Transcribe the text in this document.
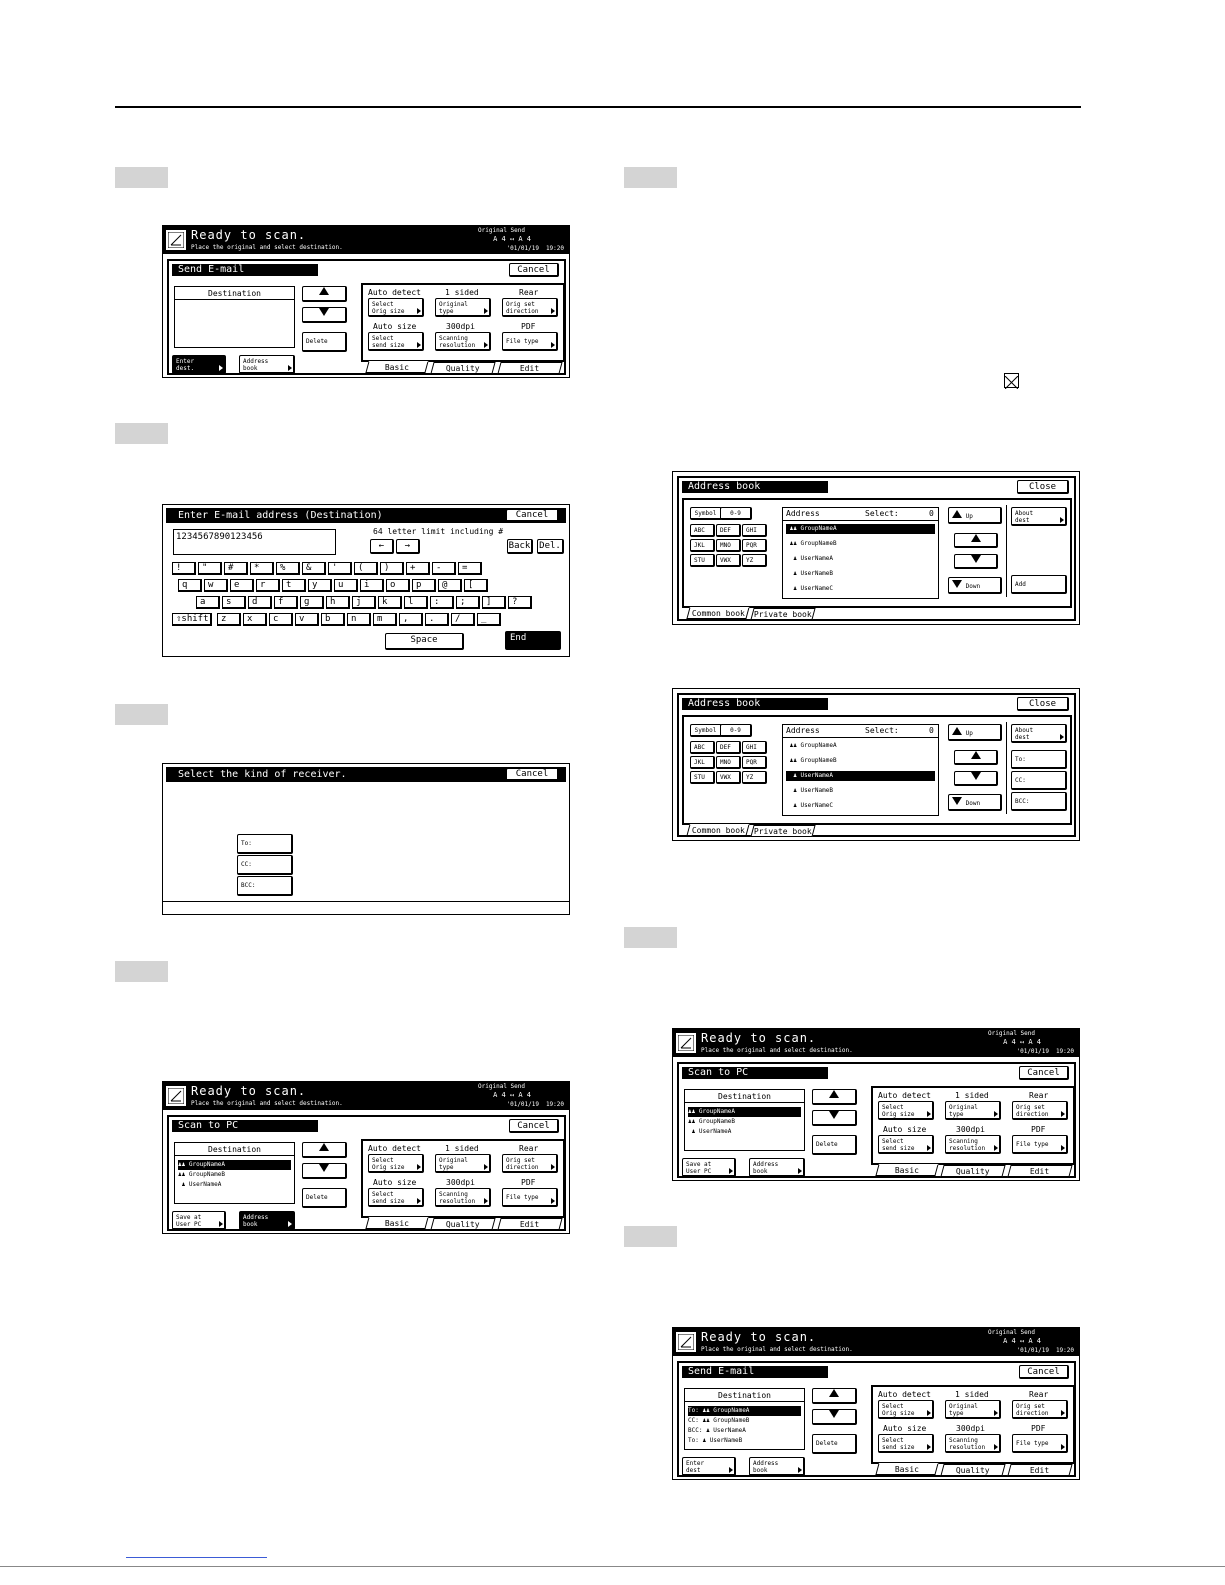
Ready to scan.
Place the original and select destination.
Original Send
A 4 ↤ A 4
'01/01/19 19:20
Send E-mail	Cancel
Destination
Delete
Enter dest.
Address book
Auto detect	1 sided	Rear
Select Orig size
Original type
Orig set direction
Auto size	300dpi	PDF
Select send size
Scanning resolution
File type
Basic	Quality	Edit
Enter E-mail address (Destination)	Cancel
1234567890123456
64 letter limit including #
←	→	Back Del.
!	"	#	*	%	&	'	(	)	+	-	=
q	w	e	r	t	y	u	i	o	p	@	[
a	s	d	f	g	h	j	k	l	:	;	]	?
⇧shift	z	x	c	v	b	n	m	,	.	/	_
Space	End
Select the kind of receiver.	Cancel
To:
CC:
BCC:
Ready to scan.
Place the original and select destination.
Original Send
A 4 ↤ A 4
'01/01/19 19:20
Scan to PC	Cancel
Destination
♟♟ GroupNameA
♟♟ GroupNameB
♟ UserNameA
Delete
Save at User PC
Address book
Auto detect	1 sided	Rear
Select Orig size
Original type
Orig set direction
Auto size	300dpi	PDF
Select send size
Scanning resolution
File type
Basic	Quality	Edit
Address book	Close
Symbol	0-9
ABC	DEF	GHI
JKL	MNO	PQR
STU	VWX	YZ
Address	Select:	0
♟♟ GroupNameA
♟♟ GroupNameB
♟ UserNameA
♟ UserNameB
♟ UserNameC
Up
Down
About dest
Add
Common book	Private book
Address book	Close
Symbol	0-9
ABC	DEF	GHI
JKL	MNO	PQR
STU	VWX	YZ
Address	Select:	0
♟♟ GroupNameA
♟♟ GroupNameB
♟ UserNameA
♟ UserNameB
♟ UserNameC
Up
Down
About dest
To:
CC:
BCC:
Common book	Private book
Ready to scan.
Place the original and select destination.
Original Send
A 4 ↤ A 4
'01/01/19 19:20
Scan to PC	Cancel
Destination
♟♟ GroupNameA
♟♟ GroupNameB
♟ UserNameA
Delete
Save at User PC
Address book
Auto detect	1 sided	Rear
Select Orig size
Original type
Orig set direction
Auto size	300dpi	PDF
Select send size
Scanning resolution
File type
Basic	Quality	Edit
Ready to scan.
Place the original and select destination.
Original Send
A 4 ↤ A 4
'01/01/19 19:20
Send E-mail	Cancel
Destination
To: ♟♟ GroupNameA
CC: ♟♟ GroupNameB
BCC: ♟ UserNameA
To: ♟ UserNameB	Delete
Enter dest
Address book
Auto detect	1 sided	Rear
Select Orig size
Original type
Orig set direction
Auto size	300dpi	PDF
Select send size
Scanning resolution
File type
Basic	Quality	Edit
